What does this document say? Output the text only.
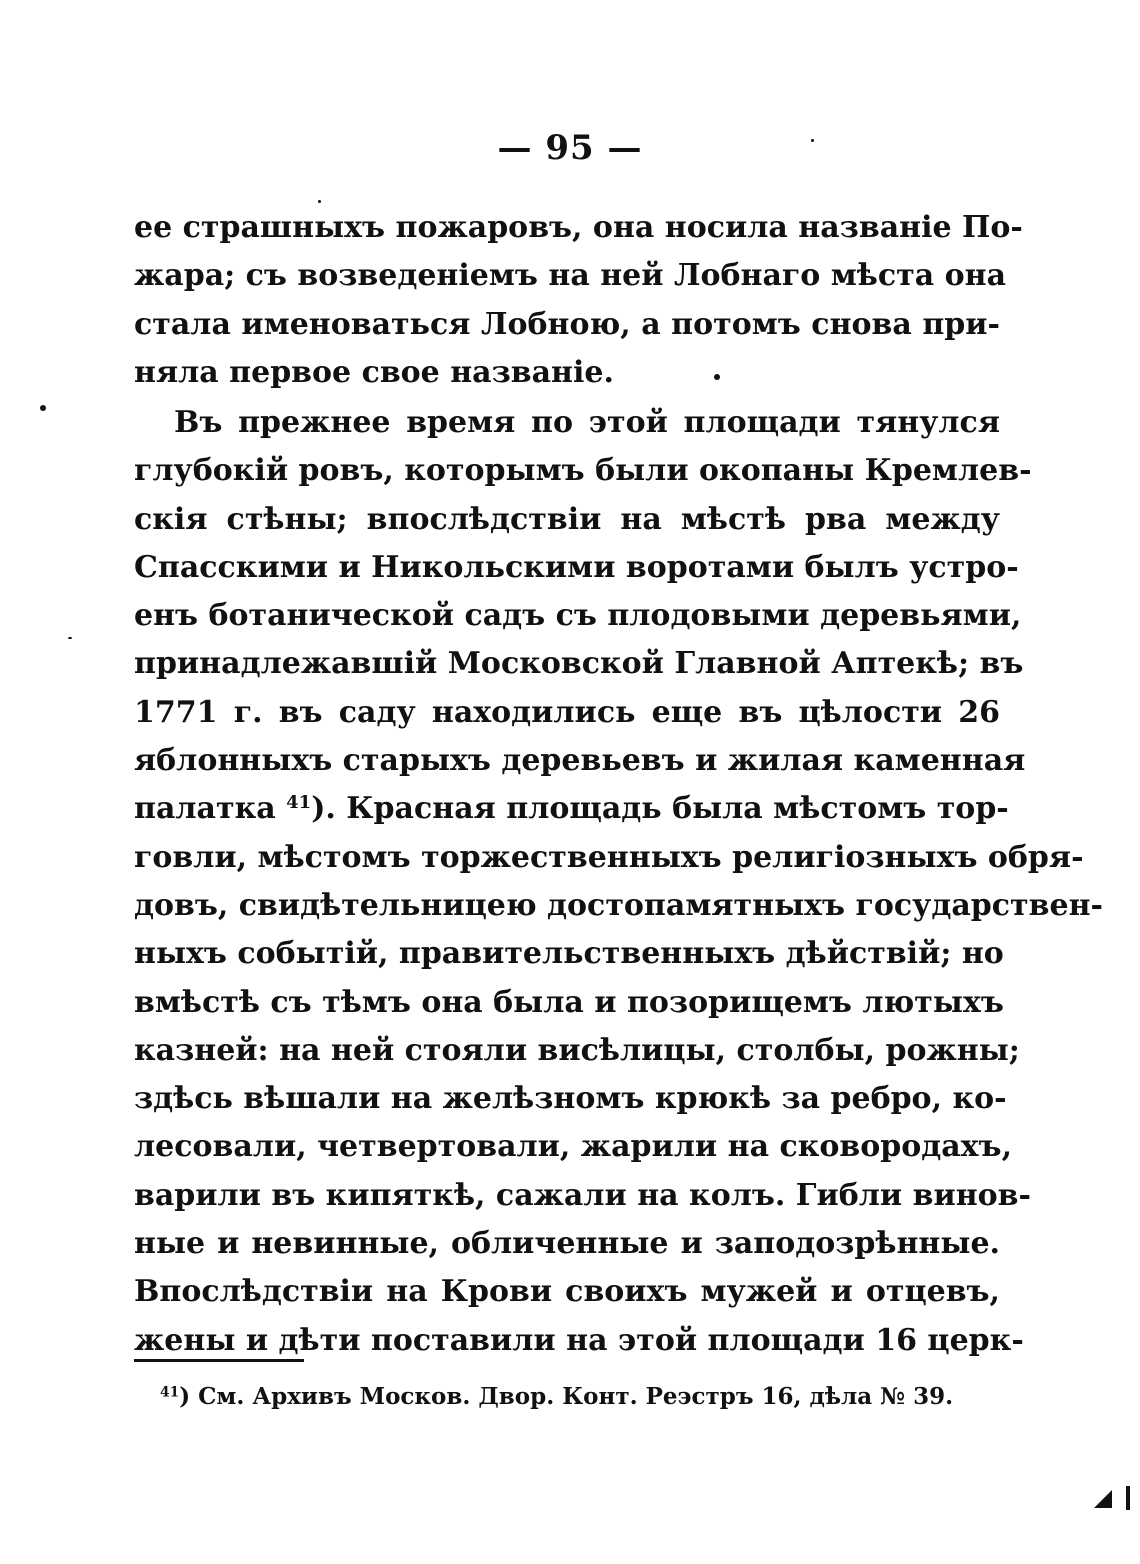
— 95 —
ее страшныхъ пожаровъ, она носила названіе По-
жара; съ возведеніемъ на ней Лобнаго мѣста она
стала именоваться Лобною, а потомъ снова при-
няла первое свое названіе.
Въ прежнее время по этой площади тянулся
глубокій ровъ, которымъ были окопаны Кремлев-
скія стѣны; впослѣдствіи на мѣстѣ рва между
Спасскими и Никольскими воротами былъ устро-
енъ ботанической садъ съ плодовыми деревьями,
принадлежавшій Московской Главной Аптекѣ; въ
1771 г. въ саду находились еще въ цѣлости 26
яблонныхъ старыхъ деревьевъ и жилая каменная
палатка $^{41}$). Красная площадь была мѣстомъ тор-
говли, мѣстомъ торжественныхъ религіозныхъ обря-
довъ, свидѣтельницею достопамятныхъ государствен-
ныхъ событій, правительственныхъ дѣйствій; но
вмѣстѣ съ тѣмъ она была и позорищемъ лютыхъ
казней: на ней стояли висѣлицы, столбы, рожны;
здѣсь вѣшали на желѣзномъ крюкѣ за ребро, ко-
лесовали, четвертовали, жарили на сковородахъ,
варили въ кипяткѣ, сажали на колъ. Гибли винов-
ные и невинные, обличенные и заподозрѣнные.
Впослѣдствіи на Крови своихъ мужей и отцевъ,
жены и дѣти поставили на этой площади 16 церк-
$^{41}$) См. Архивъ Москов. Двор. Конт. Реэстръ 16, дѣла № 39.
